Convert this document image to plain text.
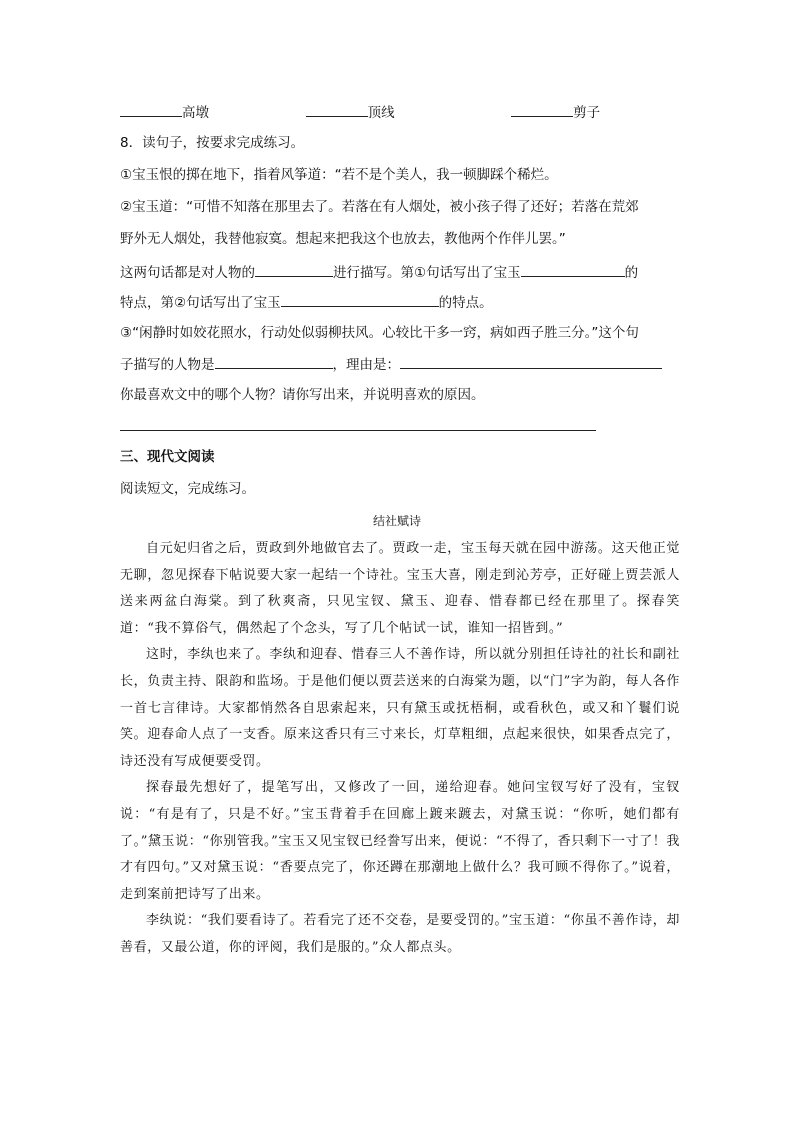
高墩	顶线	剪子
8．读句子，按要求完成练习。
①宝玉恨的掷在地下，指着风筝道：“若不是个美人，我一顿脚踩个稀烂。
②宝玉道：“可惜不知落在那里去了。若落在有人烟处，被小孩子得了还好；若落在荒郊
野外无人烟处，我替他寂寞。想起来把我这个也放去，教他两个作伴儿罢。”
这两句话都是对人物的	进行描写。第①句话写出了宝玉	的
特点，第②句话写出了宝玉	的特点。
③“闲静时如姣花照水，行动处似弱柳扶风。心较比干多一窍，病如西子胜三分。”这个句
子描写的人物是	，理由是：
你最喜欢文中的哪个人物？请你写出来，并说明喜欢的原因。
三、现代文阅读
阅读短文，完成练习。
结社赋诗

自元妃归省之后，贾政到外地做官去了。贾政一走，宝玉每天就在园中游荡。这天他正觉无聊，忽见探春下帖说要大家一起结一个诗社。宝玉大喜，刚走到沁芳亭，正好碰上贾芸派人送来两盆白海棠。到了秋爽斋，只见宝钗、黛玉、迎春、惜春都已经在那里了。探春笑道：“我不算俗气，偶然起了个念头，写了几个帖试一试，谁知一招皆到。”

这时，李纨也来了。李纨和迎春、惜春三人不善作诗，所以就分别担任诗社的社长和副社长，负责主持、限韵和监场。于是他们便以贾芸送来的白海棠为题，以“门”字为韵，每人各作一首七言律诗。大家都悄然各自思索起来，只有黛玉或抚梧桐，或看秋色，或又和丫鬟们说笑。迎春命人点了一支香。原来这香只有三寸来长，灯草粗细，点起来很快，如果香点完了，诗还没有写成便要受罚。

探春最先想好了，提笔写出，又修改了一回，递给迎春。她问宝钗写好了没有，宝钗说：“有是有了，只是不好。”宝玉背着手在回廊上踱来踱去，对黛玉说：“你听，她们都有了。”黛玉说：“你别管我。”宝玉又见宝钗已经誊写出来，便说：“不得了，香只剩下一寸了！我才有四句。”又对黛玉说：“香要点完了，你还蹲在那潮地上做什么？我可顾不得你了。”说着，走到案前把诗写了出来。

李纨说：“我们要看诗了。若看完了还不交卷，是要受罚的。”宝玉道：“你虽不善作诗，却善看，又最公道，你的评阅，我们是服的。”众人都点头。
